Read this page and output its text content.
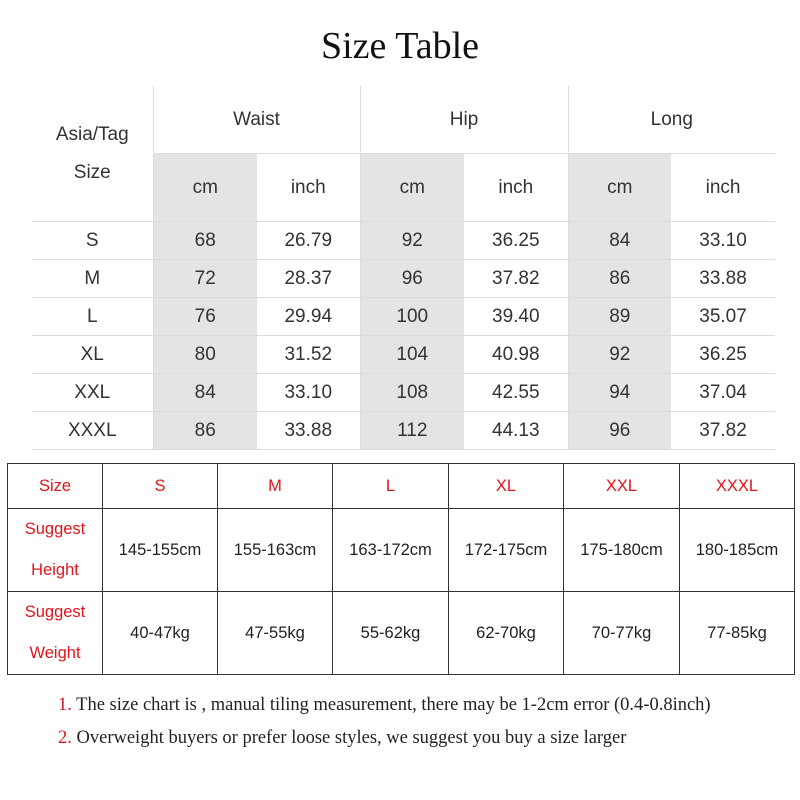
Size Table
Asia/Tag
Size	Waist		Hip		Long	
	cm	inch	cm	inch	cm	inch
S	68	26.79	92	36.25	84	33.10
M	72	28.37	96	37.82	86	33.88
L	76	29.94	100	39.40	89	35.07
XL	80	31.52	104	40.98	92	36.25
XXL	84	33.10	108	42.55	94	37.04
XXXL	86	33.88	112	44.13	96	37.82
Size	S	M	L	XL	XXL	XXXL
Suggest
Height	145-155cm	155-163cm	163-172cm	172-175cm	175-180cm	180-185cm
Suggest
Weight	40-47kg	47-55kg	55-62kg	62-70kg	70-77kg	77-85kg
1. The size chart is , manual tiling measurement, there may be 1-2cm error (0.4-0.8inch)
2. Overweight buyers or prefer loose styles, we suggest you buy a size larger
